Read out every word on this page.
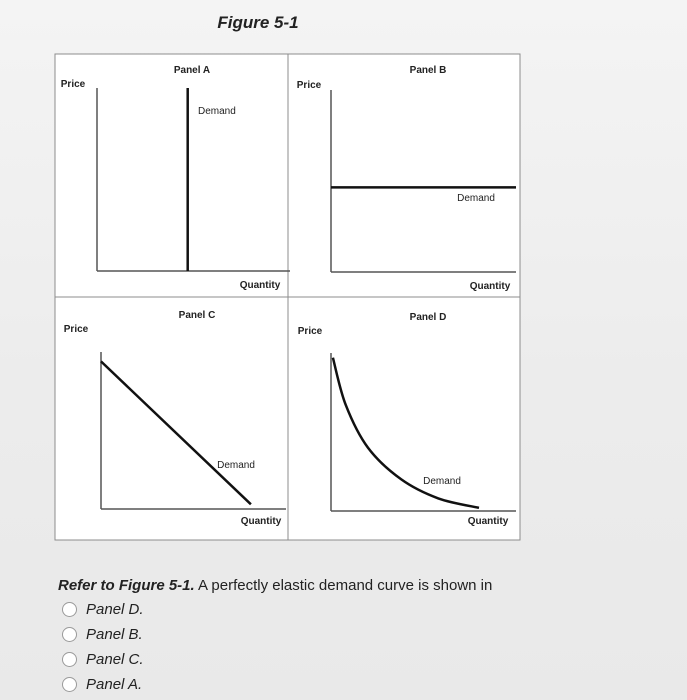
Figure 5-1
Panel A
Price
Quantity
Demand
Panel B
Price
Quantity
Demand
Panel C
Price
Quantity
Demand
Panel D
Price
Quantity
Demand
Refer to Figure 5-1. A perfectly elastic demand curve is shown in
Panel D.
Panel B.
Panel C.
Panel A.
